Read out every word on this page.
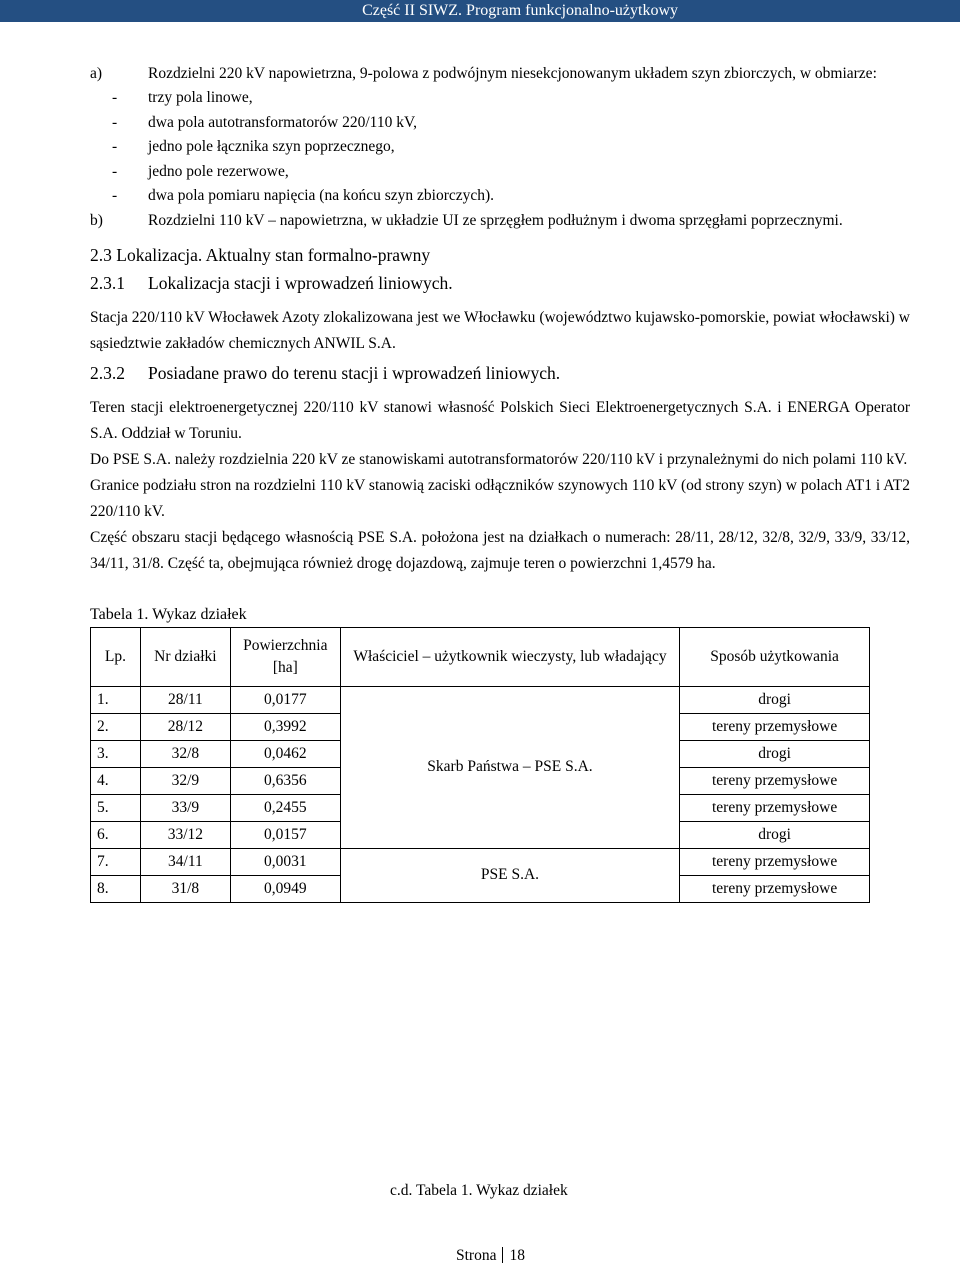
Część II SIWZ. Program funkcjonalno-użytkowy
a)	Rozdzielni 220 kV napowietrzna, 9-polowa z podwójnym niesekcjonowanym układem szyn zbiorczych, w obmiarze:
- trzy pola linowe,
- dwa pola autotransformatorów 220/110 kV,
- jedno pole łącznika szyn poprzecznego,
- jedno pole rezerwowe,
- dwa pola pomiaru napięcia (na końcu szyn zbiorczych).
b)	Rozdzielni 110 kV – napowietrzna, w układzie UI ze sprzęgłem podłużnym i dwoma sprzęgłami poprzecznymi.
2.3 Lokalizacja. Aktualny stan formalno-prawny
2.3.1 Lokalizacja stacji i wprowadzeń liniowych.

Stacja 220/110 kV Włocławek Azoty zlokalizowana jest we Włocławku (województwo kujawsko-pomorskie, powiat włocławski) w sąsiedztwie zakładów chemicznych ANWIL S.A.

2.3.2 Posiadane prawo do terenu stacji i wprowadzeń liniowych.

Teren stacji elektroenergetycznej 220/110 kV stanowi własność Polskich Sieci Elektroenergetycznych S.A. i ENERGA Operator S.A. Oddział w Toruniu.

Do PSE S.A. należy rozdzielnia 220 kV ze stanowiskami autotransformatorów 220/110 kV i przynależnymi do nich polami 110 kV.

Granice podziału stron na rozdzielni 110 kV stanowią zaciski odłączników szynowych 110 kV (od strony szyn) w polach AT1 i AT2 220/110 kV.

Część obszaru stacji będącego własnością PSE S.A. położona jest na działkach o numerach: 28/11, 28/12, 32/8, 32/9, 33/9, 33/12, 34/11, 31/8. Część ta, obejmująca również drogę dojazdową, zajmuje teren o powierzchni 1,4579 ha.

Tabela 1. Wykaz działek
Lp.	Nr działki	Powierzchnia [ha]	Właściciel – użytkownik wieczysty, lub władający	Sposób użytkowania
1.	28/11	0,0177	Skarb Państwa – PSE S.A.	drogi
2.	28/12	0,3992		tereny przemysłowe
3.	32/8	0,0462		drogi
4.	32/9	0,6356		tereny przemysłowe
5.	33/9	0,2455		tereny przemysłowe
6.	33/12	0,0157		drogi
7.	34/11	0,0031	PSE S.A.	tereny przemysłowe
8.	31/8	0,0949		tereny przemysłowe
c.d. Tabela 1. Wykaz działek
Strona 18
